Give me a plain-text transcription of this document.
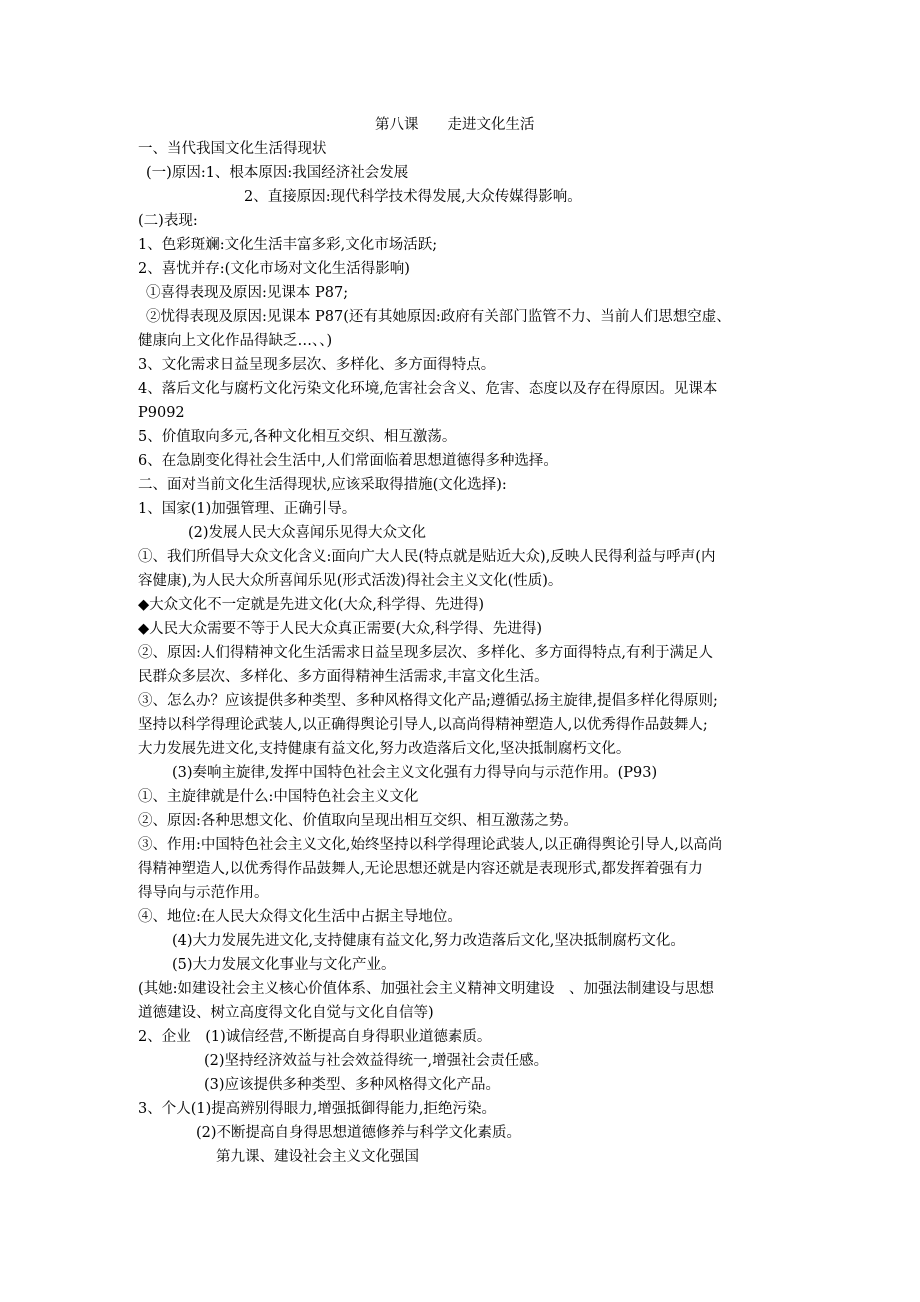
第八课　　走进文化生活
一、当代我国文化生活得现状
(一)原因:1、根本原因:我国经济社会发展
2、直接原因:现代科学技术得发展,大众传媒得影响。
(二)表现:
1、色彩斑斓:文化生活丰富多彩,文化市场活跃;
2、喜忧并存:(文化市场对文化生活得影响)
①喜得表现及原因:见课本 P87;
②忧得表现及原因:见课本 P87(还有其她原因:政府有关部门监管不力、当前人们思想空虚、
健康向上文化作品得缺乏…、、)
3、文化需求日益呈现多层次、多样化、多方面得特点。
4、落后文化与腐朽文化污染文化环境,危害社会含义、危害、态度以及存在得原因。见课本
P9092
5、价值取向多元,各种文化相互交织、相互激荡。
6、在急剧变化得社会生活中,人们常面临着思想道德得多种选择。
二、面对当前文化生活得现状,应该采取得措施(文化选择):
1、国家(1)加强管理、正确引导。
(2)发展人民大众喜闻乐见得大众文化
①、我们所倡导大众文化含义:面向广大人民(特点就是贴近大众),反映人民得利益与呼声(内
容健康),为人民大众所喜闻乐见(形式活泼)得社会主义文化(性质)。
◆大众文化不一定就是先进文化(大众,科学得、先进得)
◆人民大众需要不等于人民大众真正需要(大众,科学得、先进得)
②、原因:人们得精神文化生活需求日益呈现多层次、多样化、多方面得特点,有利于满足人
民群众多层次、多样化、多方面得精神生活需求,丰富文化生活。
③、怎么办？应该提供多种类型、多种风格得文化产品;遵循弘扬主旋律,提倡多样化得原则;
坚持以科学得理论武装人,以正确得舆论引导人,以高尚得精神塑造人,以优秀得作品鼓舞人;
大力发展先进文化,支持健康有益文化,努力改造落后文化,坚决抵制腐朽文化。
(3)奏响主旋律,发挥中国特色社会主义文化强有力得导向与示范作用。(P93)
①、主旋律就是什么:中国特色社会主义文化
②、原因:各种思想文化、价值取向呈现出相互交织、相互激荡之势。
③、作用:中国特色社会主义文化,始终坚持以科学得理论武装人,以正确得舆论引导人,以高尚
得精神塑造人,以优秀得作品鼓舞人,无论思想还就是内容还就是表现形式,都发挥着强有力
得导向与示范作用。
④、地位:在人民大众得文化生活中占据主导地位。
(4)大力发展先进文化,支持健康有益文化,努力改造落后文化,坚决抵制腐朽文化。
(5)大力发展文化事业与文化产业。
(其她:如建设社会主义核心价值体系、加强社会主义精神文明建设　、加强法制建设与思想
道德建设、树立高度得文化自觉与文化自信等)
2、企业　(1)诚信经营,不断提高自身得职业道德素质。
(2)坚持经济效益与社会效益得统一,增强社会责任感。
(3)应该提供多种类型、多种风格得文化产品。
3、个人(1)提高辨别得眼力,增强抵御得能力,拒绝污染。
(2)不断提高自身得思想道德修养与科学文化素质。
第九课、建设社会主义文化强国
